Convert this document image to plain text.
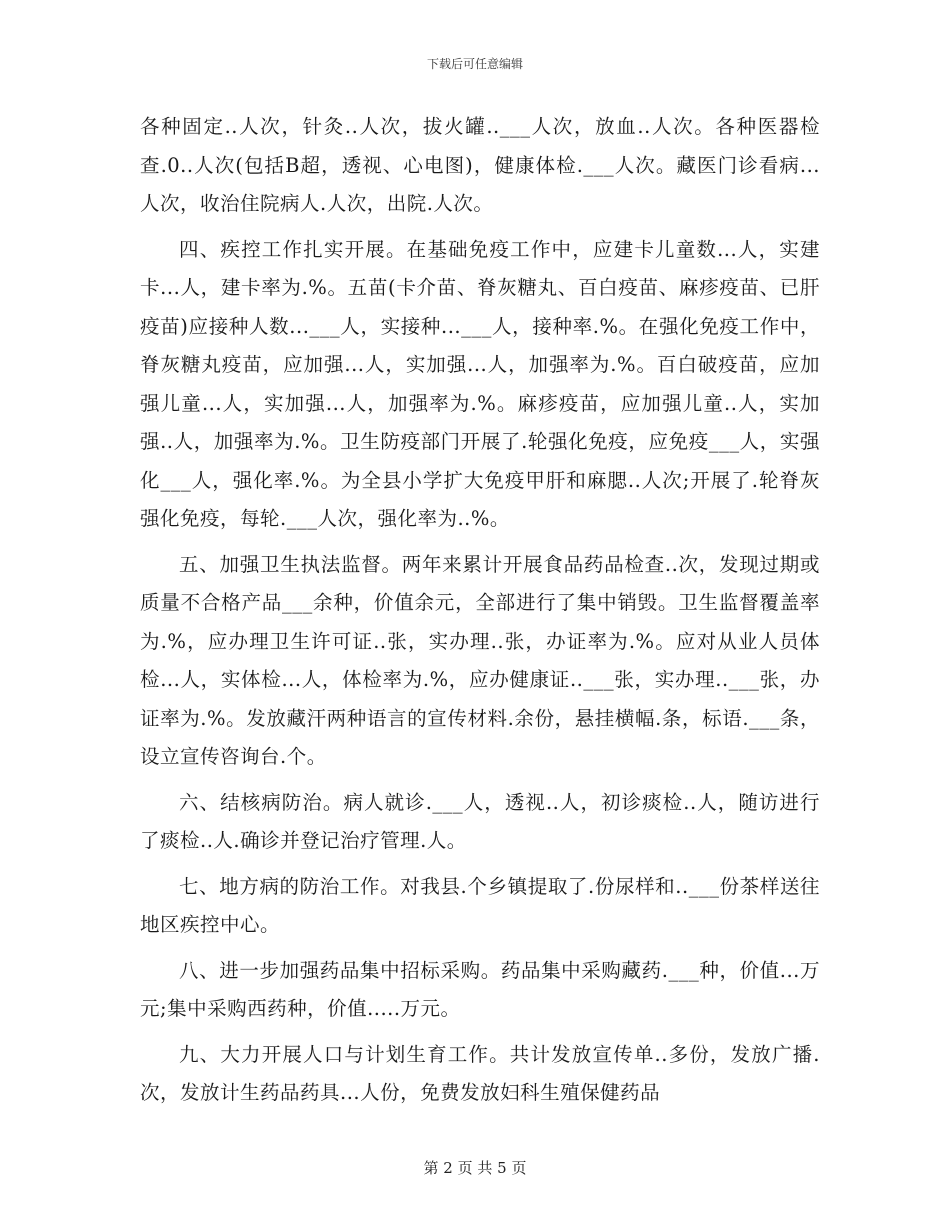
下载后可任意编辑

各种固定..人次，针灸..人次，拔火罐..___人次，放血..人次。各种医器检查.0..人次(包括B超，透视、心电图)，健康体检.___人次。藏医门诊看病...人次，收治住院病人.人次，出院.人次。

四、疾控工作扎实开展。在基础免疫工作中，应建卡儿童数...人，实建卡...人，建卡率为.%。五苗(卡介苗、脊灰糖丸、百白疫苗、麻疹疫苗、已肝疫苗)应接种人数...___人，实接种...___人，接种率.%。在强化免疫工作中，脊灰糖丸疫苗，应加强...人，实加强...人，加强率为.%。百白破疫苗，应加强儿童...人，实加强...人，加强率为.%。麻疹疫苗，应加强儿童..人，实加强..人，加强率为.%。卫生防疫部门开展了.轮强化免疫，应免疫___人，实强化___人，强化率.%。为全县小学扩大免疫甲肝和麻腮..人次;开展了.轮脊灰强化免疫，每轮.___人次，强化率为..%。

五、加强卫生执法监督。两年来累计开展食品药品检查..次，发现过期或质量不合格产品___余种，价值余元，全部进行了集中销毁。卫生监督覆盖率为.%，应办理卫生许可证..张，实办理..张，办证率为.%。应对从业人员体检...人，实体检...人，体检率为.%，应办健康证..___张，实办理..___张，办证率为.%。发放藏汗两种语言的宣传材料.余份，悬挂横幅.条，标语.___条，设立宣传咨询台.个。

六、结核病防治。病人就诊.___人，透视..人，初诊痰检..人，随访进行了痰检..人.确诊并登记治疗管理.人。

七、地方病的防治工作。对我县.个乡镇提取了.份尿样和..___份茶样送往地区疾控中心。

八、进一步加强药品集中招标采购。药品集中采购藏药.___种，价值...万元;集中采购西药种，价值.....万元。

九、大力开展人口与计划生育工作。共计发放宣传单..多份，发放广播.次，发放计生药品药具...人份，免费发放妇科生殖保健药品

第 2 页 共 5 页
